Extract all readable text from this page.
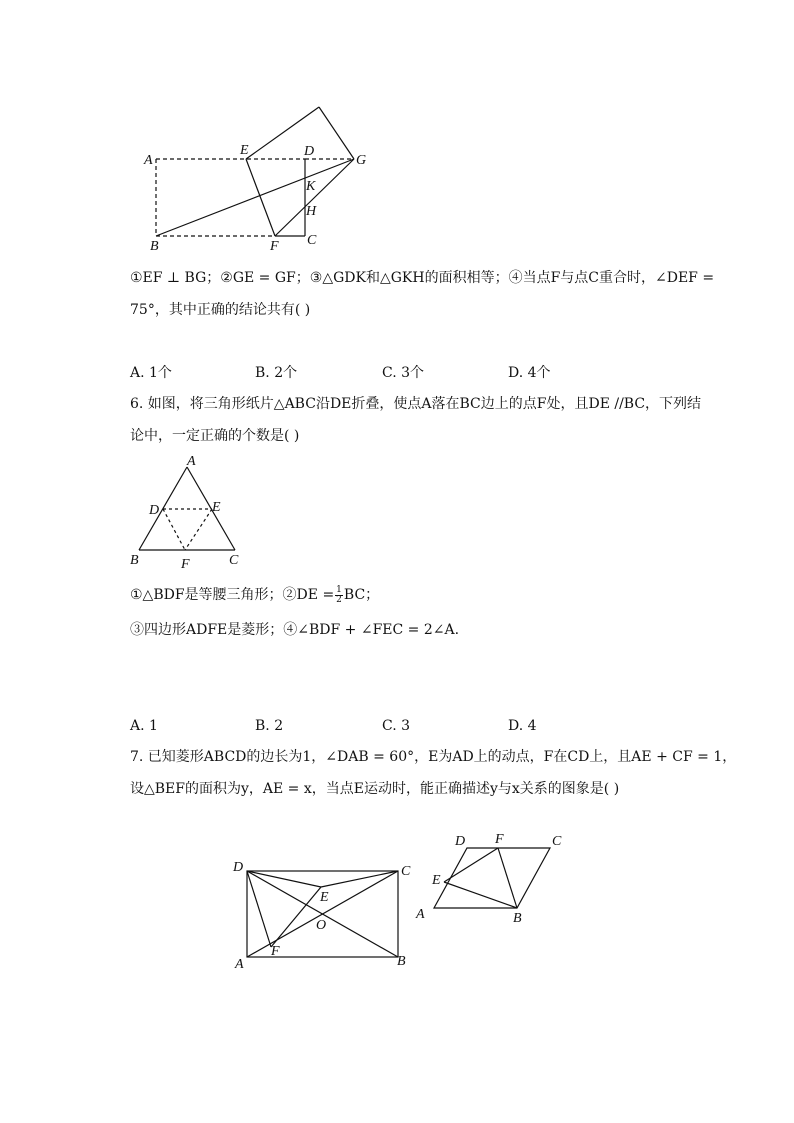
A
E	D
G
K
H
B	F C
①EF ⊥ BG；②GE = GF；③△GDK和△GKH的面积相等；④当点F与点C重合时，∠DEF =
75°，其中正确的结论共有( )
A. 1个	B. 2个	C. 3个	D. 4个
6. 如图，将三角形纸片△ABC沿DE折叠，使点A落在BC边上的点F处，且DE //BC，下列结
论中，一定正确的个数是( )
A
D	E
B	F	C
①△BDF是等腰三角形；②DE = $\frac{1}{2}$ BC；
③四边形ADFE是菱形；④∠BDF + ∠FEC = 2∠A.
A. 1	B. 2	C. 3	D. 4
7. 已知菱形ABCD的边长为1，∠DAB = 60°，E为AD上的动点，F在CD上，且AE + CF = 1，
设△BEF的面积为y，AE = x，当点E运动时，能正确描述y与x关系的图象是( )
D	C
E
O
F
A	B
D F	C
E
A	B
